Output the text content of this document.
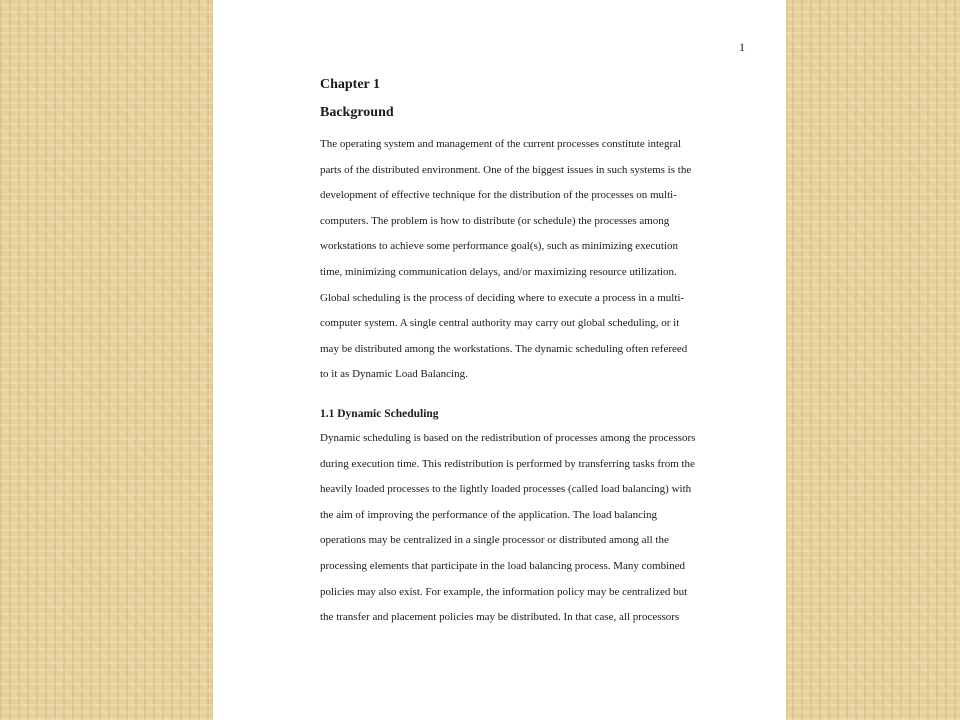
1
Chapter 1
Background
The operating system and management of the current processes constitute integral
parts of the distributed environment. One of the biggest issues in such systems is the
development of effective technique for the distribution of the processes on multi-
computers. The problem is how to distribute (or schedule) the processes among
workstations to achieve some performance goal(s), such as minimizing execution
time, minimizing communication delays, and/or maximizing resource utilization.
Global scheduling is the process of deciding where to execute a process in a multi-
computer system. A single central authority may carry out global scheduling, or it
may be distributed among the workstations. The dynamic scheduling often refereed
to it as Dynamic Load Balancing.
1.1 Dynamic Scheduling
Dynamic scheduling is based on the redistribution of processes among the processors
during execution time. This redistribution is performed by transferring tasks from the
heavily loaded processes to the lightly loaded processes (called load balancing) with
the aim of improving the performance of the application. The load balancing
operations may be centralized in a single processor or distributed among all the
processing elements that participate in the load balancing process. Many combined
policies may also exist. For example, the information policy may be centralized but
the transfer and placement policies may be distributed. In that case, all processors
